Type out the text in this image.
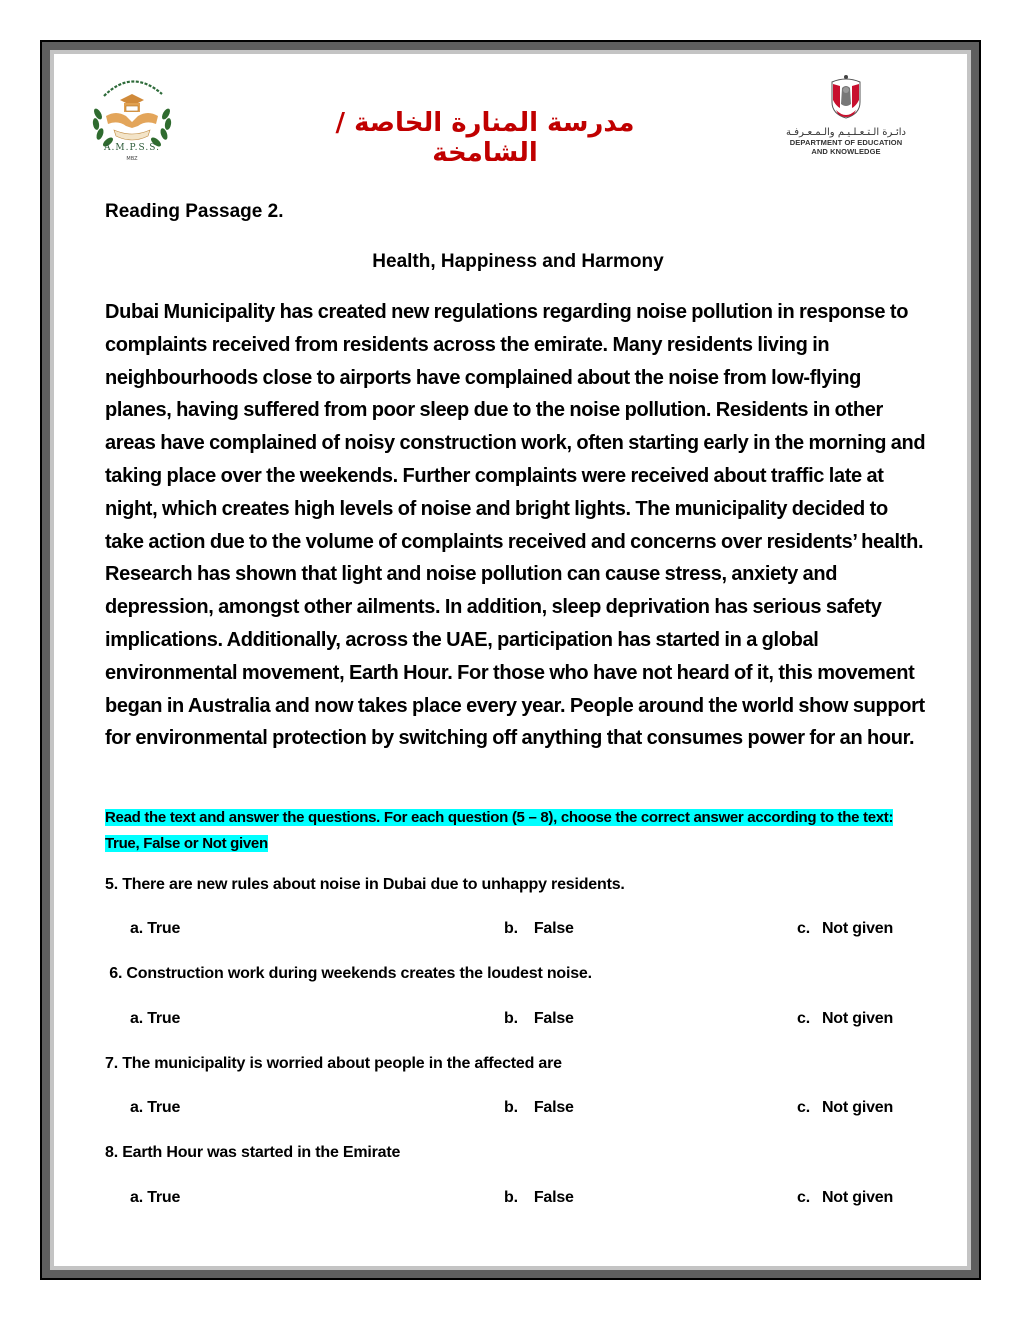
A.M.P.S.S.
MBZ
مدرسة المنارة الخاصة / الشامخة
دائـرة الـتـعـلـيـم والـمـعـرفـة
DEPARTMENT OF EDUCATION
AND KNOWLEDGE
Reading Passage 2.
Health, Happiness and Harmony

Dubai Municipality has created new regulations regarding noise pollution in response to complaints received from residents across the emirate. Many residents living in neighbourhoods close to airports have complained about the noise from low-flying planes, having suffered from poor sleep due to the noise pollution. Residents in other areas have complained of noisy construction work, often starting early in the morning and taking place over the weekends. Further complaints were received about traffic late at night, which creates high levels of noise and bright lights. The municipality decided to take action due to the volume of complaints received and concerns over residents’ health. Research has shown that light and noise pollution can cause stress, anxiety and depression, amongst other ailments. In addition, sleep deprivation has serious safety implications. Additionally, across the UAE, participation has started in a global environmental movement, Earth Hour. For those who have not heard of it, this movement began in Australia and now takes place every year. People around the world show support for environmental protection by switching off anything that consumes power for an hour.

Read the text and answer the questions. For each question (5 – 8), choose the correct answer according to the text: True, False or Not given
5. There are new rules about noise in Dubai due to unhappy residents.
a. True	b. False	c. Not given
6. Construction work during weekends creates the loudest noise.
a. True	b. False	c. Not given
7. The municipality is worried about people in the affected are
a. True	b. False	c. Not given
8. Earth Hour was started in the Emirate
a. True	b. False	c. Not given
